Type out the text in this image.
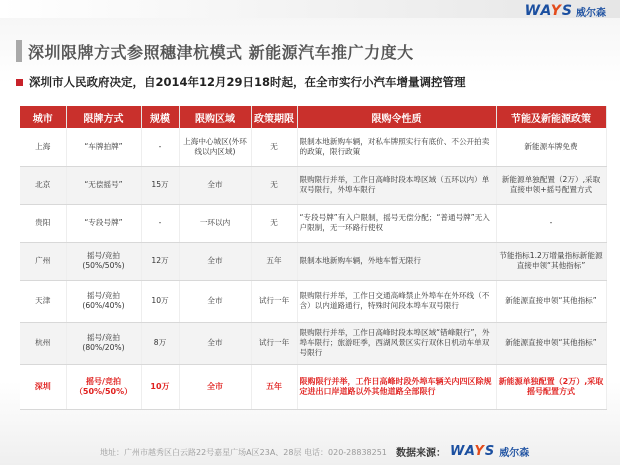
WAYS 威尔森
深圳限牌方式参照穗津杭模式 新能源汽车推广力度大
深圳市人民政府决定，自2014年12月29日18时起，在全市实行小汽车增量调控管理
城市	限牌方式	规模	限购区域	政策期限	限购令性质	节能及新能源政策
上海	“车牌拍牌”	-	上海中心城区(外环线以内区域)	无	限制本地新购车辆，对私车牌照实行有底价、不公开拍卖的政策，限行政策	新能源车牌免费
北京	“无偿摇号”	15万	全市	无	限购限行并举，工作日高峰时段本埠区域（五环以内）单双号限行，外埠车限行	新能源单独配置（2万）,采取直接申领+摇号配置方式
贵阳	“专段号牌”	-	一环以内	无	“专段号牌”有入户限制，摇号无偿分配；“普通号牌”无入户限制，无一环路行使权	-
广州	摇号/竞拍(50%/50%)	12万	全市	五年	限制本地新购车辆，外地车暂无限行	节能指标1.2万增量指标新能源直接申领“其他指标”
天津	摇号/竞拍(60%/40%)	10万	全市	试行一年	限购限行并举，工作日交通高峰禁止外埠车在外环线（不含）以内道路通行，特殊时间段本埠车双号限行	新能源直接申领“其他指标”
杭州	摇号/竞拍(80%/20%)	8万	全市	试行一年	限购限行并举，工作日高峰时段本埠区域“错峰限行”，外埠车限行；旅游旺季，西湖风景区实行双休日机动车单双号限行	新能源直接申领“其他指标”
深圳	摇号/竞拍（50%/50%）	10万	全市	五年	限购限行并举，工作日高峰时段外埠车辆关内四区除规定进出口岸道路以外其他道路全部限行	新能源单独配置（2万）,采取摇号配置方式
地址：广州市越秀区白云路22号嘉星广场A区23A、28层 电话：020-28838251 数据来源： WAYS 威尔森
